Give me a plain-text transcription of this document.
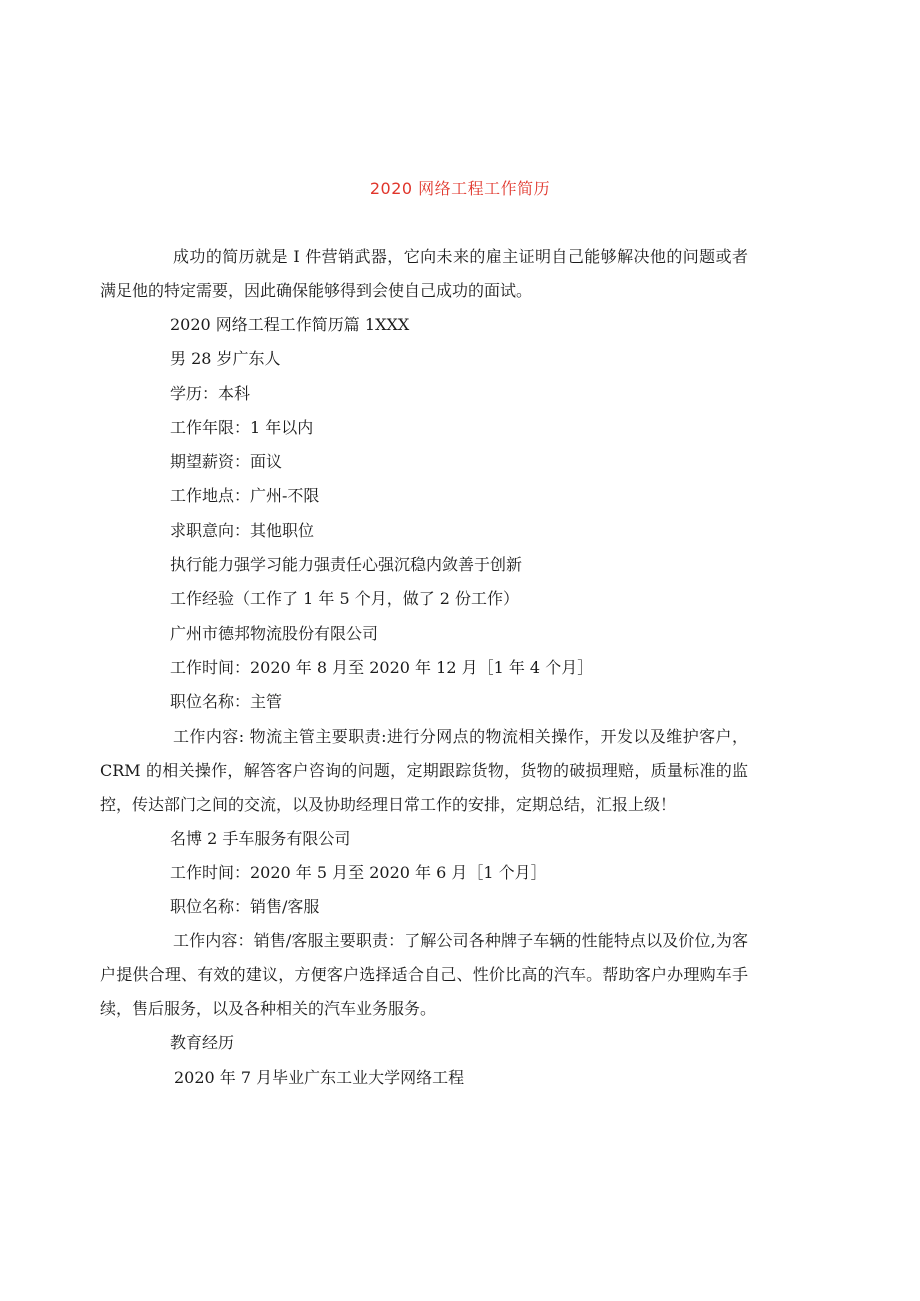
2020 网络工程工作简历

成功的简历就是 I 件营销武器，它向未来的雇主证明自己能够解决他的问题或者满足他的特定需要，因此确保能够得到会使自己成功的面试。

2020 网络工程工作简历篇 1XXX

男 28 岁广东人

学历：本科

工作年限：1 年以内

期望薪资：面议

工作地点：广州-不限

求职意向：其他职位

执行能力强学习能力强责任心强沉稳内敛善于创新

工作经验（工作了 1 年 5 个月，做了 2 份工作）

广州市德邦物流股份有限公司

工作时间：2020 年 8 月至 2020 年 12 月［1 年 4 个月］

职位名称：主管

工作内容: 物流主管主要职责:进行分网点的物流相关操作，开发以及维护客户，CRM 的相关操作，解答客户咨询的问题，定期跟踪货物，货物的破损理赔，质量标准的监控，传达部门之间的交流，以及协助经理日常工作的安排，定期总结，汇报上级！

名博 2 手车服务有限公司

工作时间：2020 年 5 月至 2020 年 6 月［1 个月］

职位名称：销售/客服

工作内容：销售/客服主要职责：了解公司各种牌子车辆的性能特点以及价位,为客户提供合理、有效的建议，方便客户选择适合自己、性价比高的汽车。帮助客户办理购车手续，售后服务，以及各种相关的汽车业务服务。

教育经历

2020 年 7 月毕业广东工业大学网络工程
